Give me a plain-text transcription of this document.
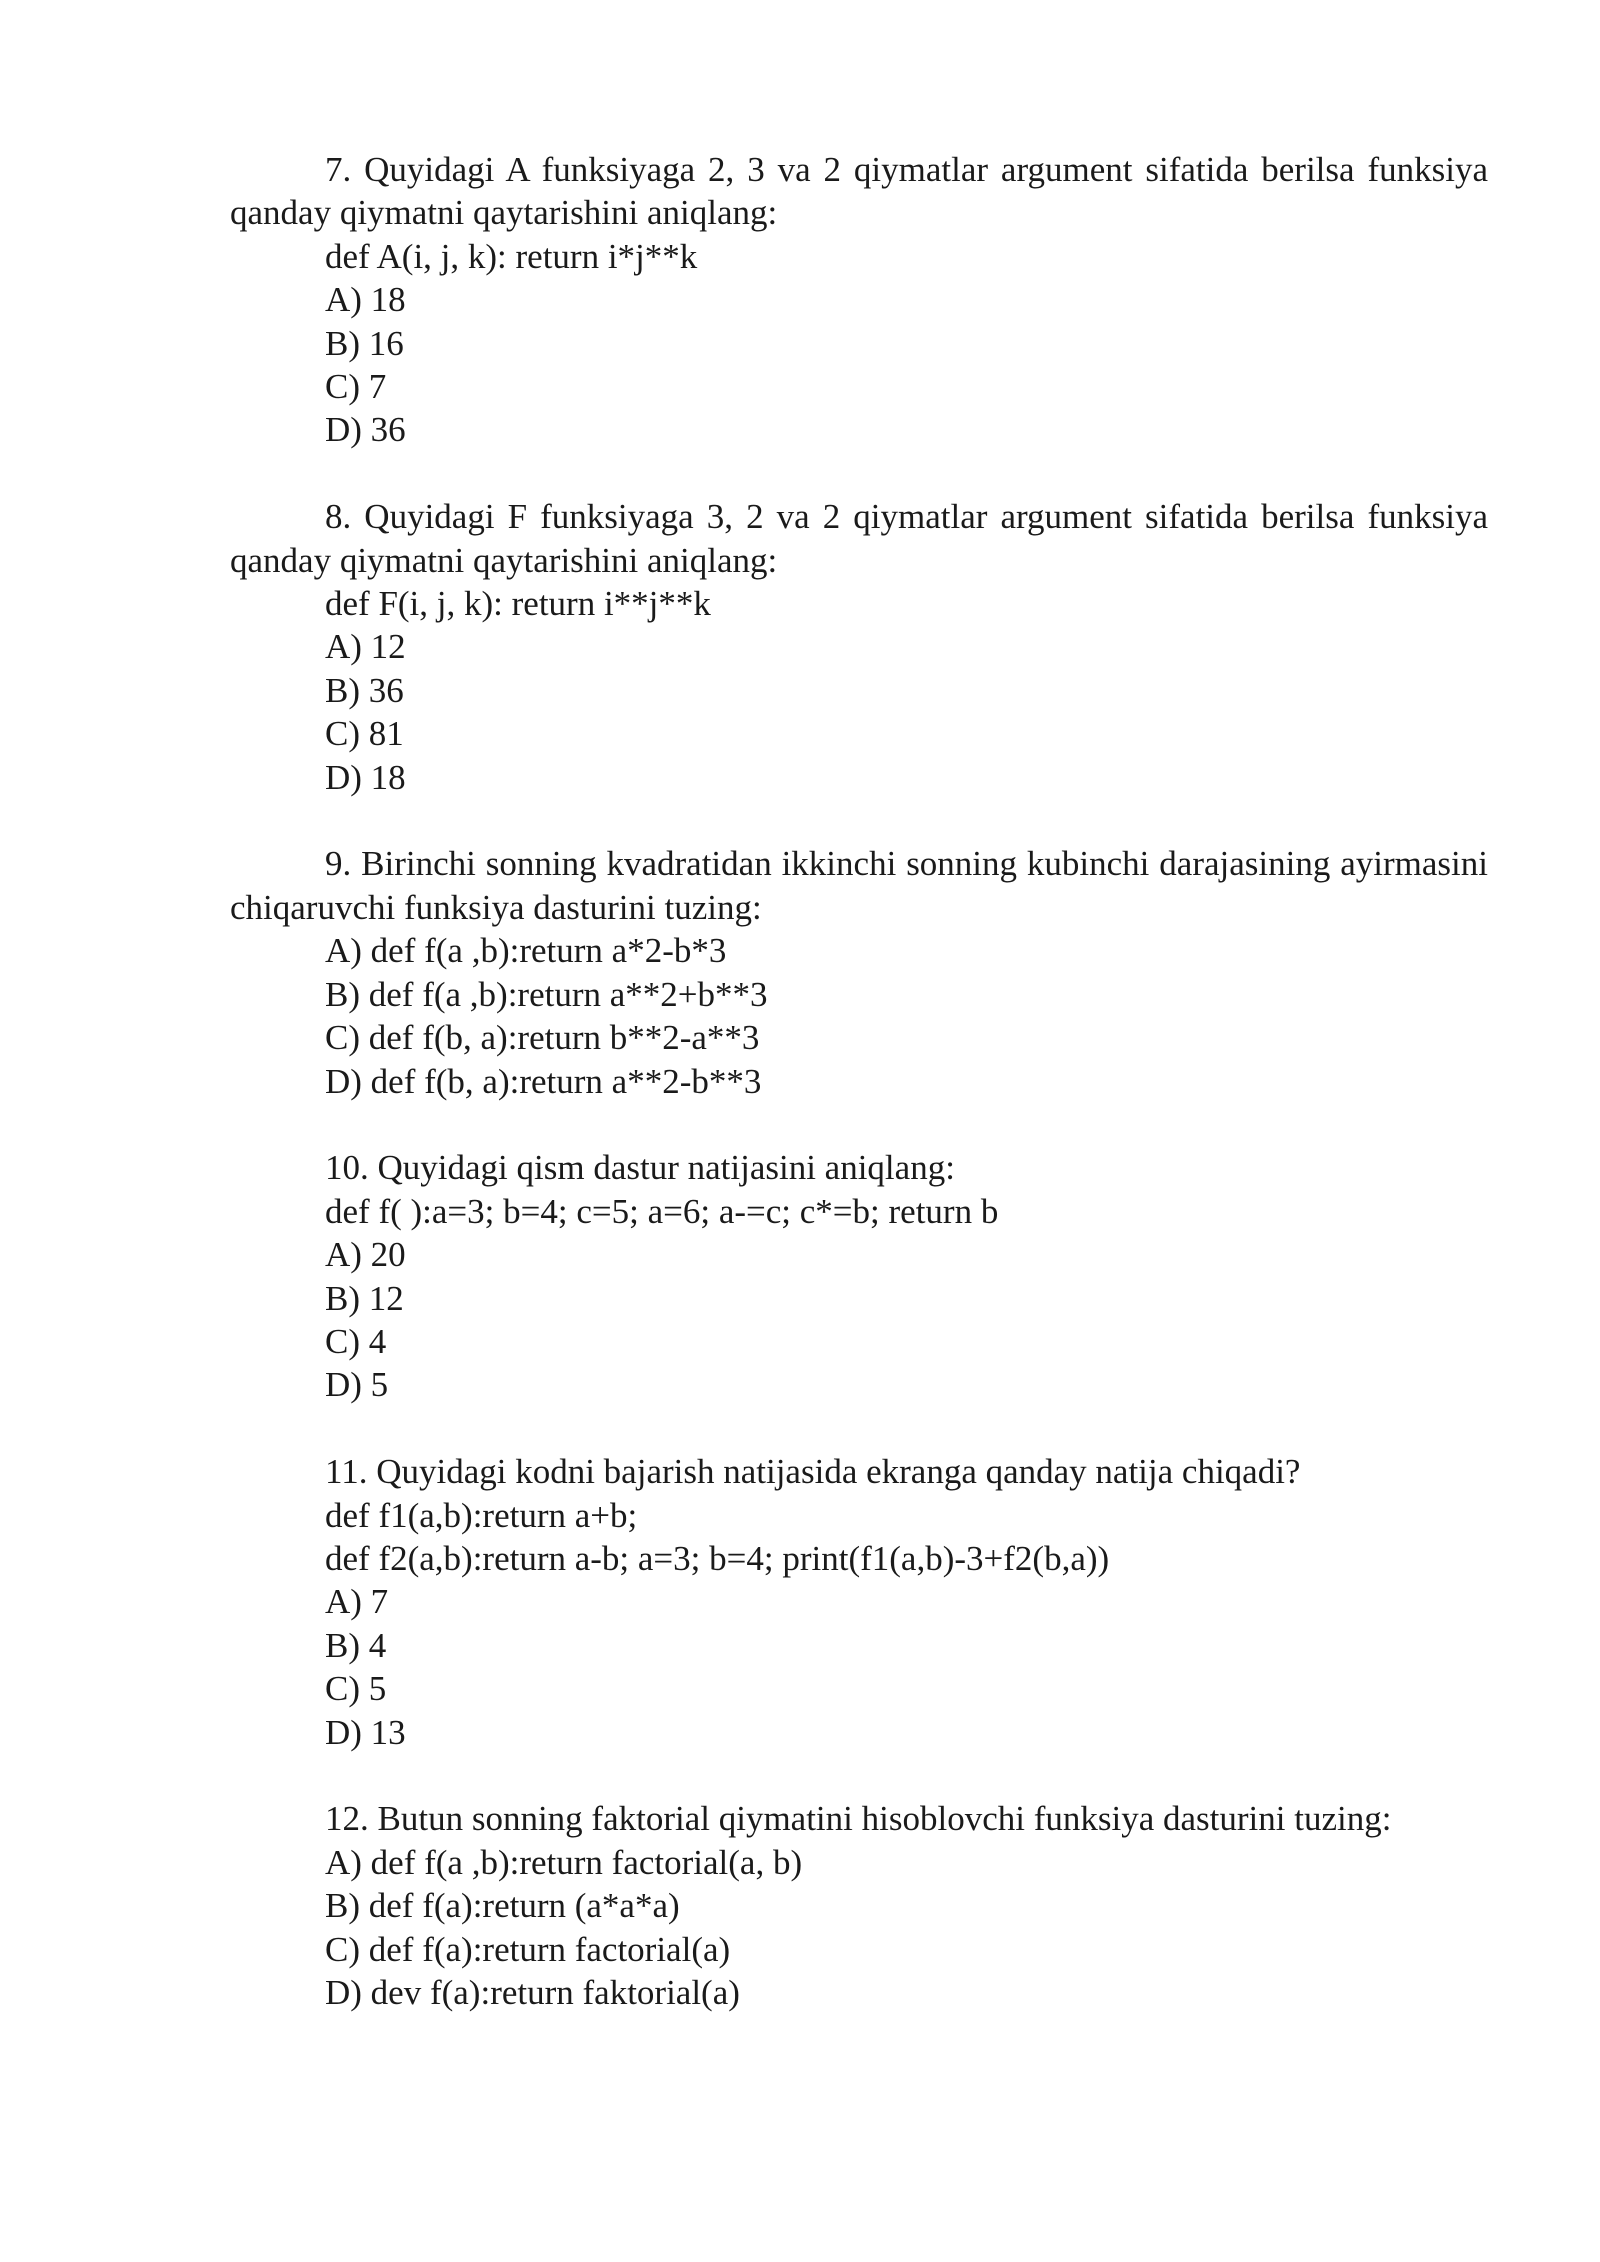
7. Quyidagi A funksiyaga 2, 3 va 2 qiymatlar argument sifatida berilsa funksiya qanday qiymatni qaytarishini aniqlang:
def A(i, j, k): return i*j**k
A) 18
B) 16
C) 7
D) 36
8. Quyidagi F funksiyaga 3, 2 va 2 qiymatlar argument sifatida berilsa funksiya qanday qiymatni qaytarishini aniqlang:
def F(i, j, k): return i**j**k
A) 12
B) 36
C) 81
D) 18
9. Birinchi sonning kvadratidan ikkinchi sonning kubinchi darajasining ayirmasini chiqaruvchi funksiya dasturini tuzing:
A) def f(a ,b):return a*2-b*3
B) def f(a ,b):return a**2+b**3
C) def f(b, a):return b**2-a**3
D) def f(b, a):return a**2-b**3
10. Quyidagi qism dastur natijasini aniqlang:
def f( ):a=3; b=4; c=5; a=6; a-=c; c*=b; return b
A) 20
B) 12
C) 4
D) 5
11. Quyidagi kodni bajarish natijasida ekranga qanday natija chiqadi?
def f1(a,b):return a+b;
def f2(a,b):return a-b; a=3; b=4; print(f1(a,b)-3+f2(b,a))
A) 7
B) 4
C) 5
D) 13
12. Butun sonning faktorial qiymatini hisoblovchi funksiya dasturini tuzing:
A) def f(a ,b):return factorial(a, b)
B) def f(a):return (a*a*a)
C) def f(a):return factorial(a)
D) dev f(a):return faktorial(a)
